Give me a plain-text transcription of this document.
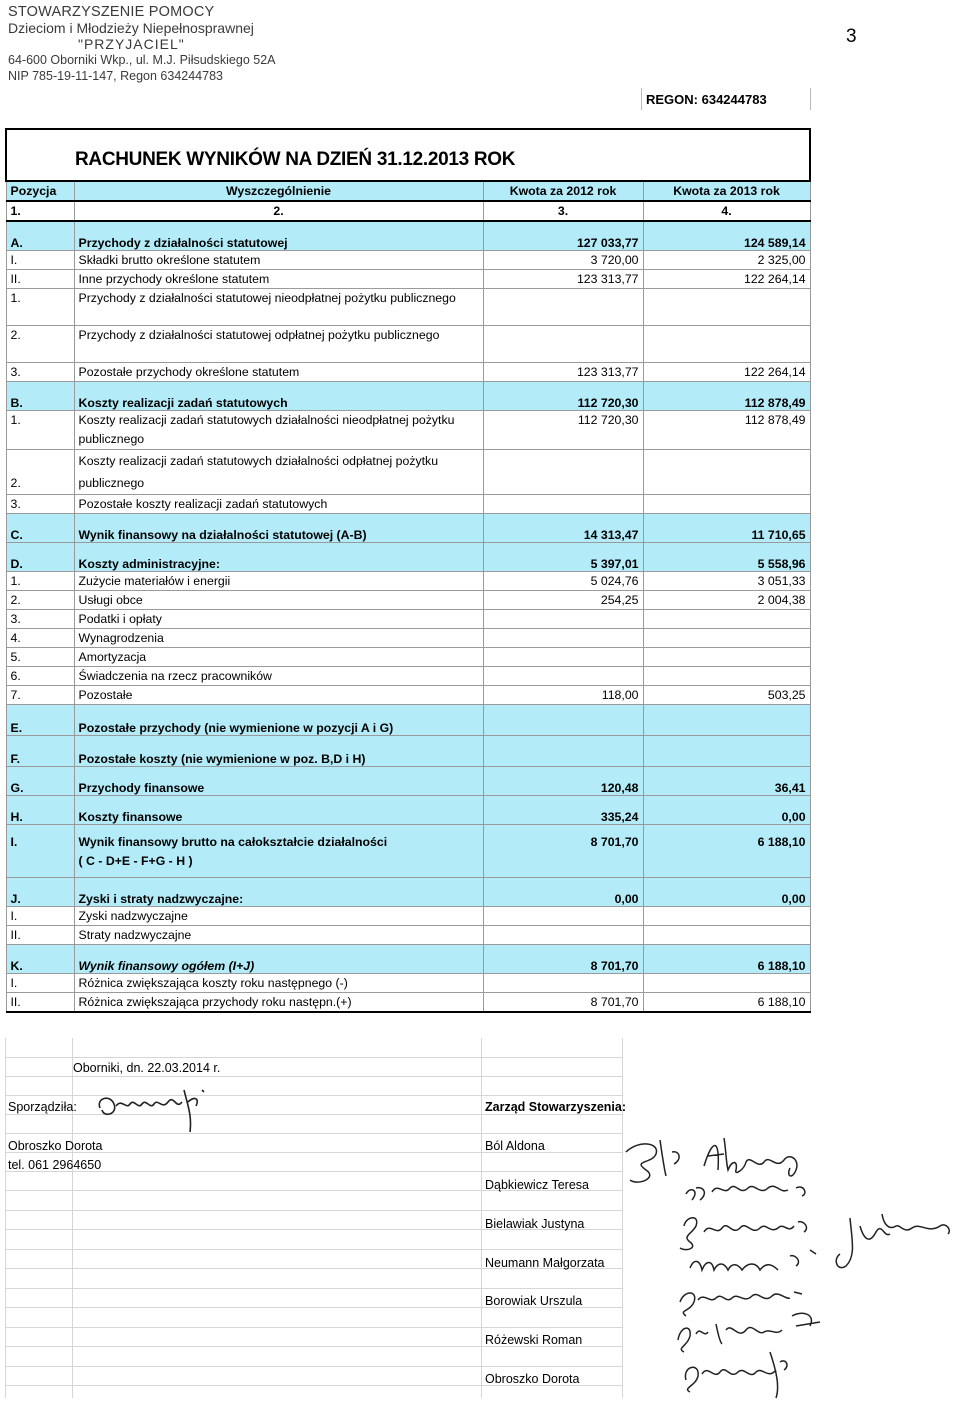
STOWARZYSZENIE POMOCY
Dzieciom i Młodzieży Niepełnosprawnej
"PRZYJACIEL"
64-600 Oborniki Wkp., ul. M.J. Piłsudskiego 52A
NIP 785-19-11-147, Regon 634244783
3
REGON: 634244783
RACHUNEK WYNIKÓW NA DZIEŃ 31.12.2013 ROK			
Pozycja	Wyszczególnienie	Kwota za 2012 rok	Kwota za 2013 rok
1.	2.	3.	4.
A.	Przychody z działalności statutowej	127 033,77	124 589,14
I.	Składki brutto określone statutem	3 720,00	2 325,00
II.	Inne przychody określone statutem	123 313,77	122 264,14
1.	Przychody z działalności statutowej nieodpłatnej pożytku publicznego		
2.	Przychody z działalności statutowej odpłatnej pożytku publicznego		
3.	Pozostałe przychody określone statutem	123 313,77	122 264,14
B.	Koszty realizacji zadań statutowych	112 720,30	112 878,49
1.	Koszty realizacji zadań statutowych działalności nieodpłatnej pożytku publicznego	112 720,30	112 878,49
2.	Koszty realizacji zadań statutowych działalności odpłatnej pożytku publicznego		
3.	Pozostałe koszty realizacji zadań statutowych		
C.	Wynik finansowy na działalności statutowej (A-B)	14 313,47	11 710,65
D.	Koszty administracyjne:	5 397,01	5 558,96
1.	Zużycie materiałów i energii	5 024,76	3 051,33
2.	Usługi obce	254,25	2 004,38
3.	Podatki i opłaty		
4.	Wynagrodzenia		
5.	Amortyzacja		
6.	Świadczenia na rzecz pracowników		
7.	Pozostałe	118,00	503,25
E.	Pozostałe przychody (nie wymienione w pozycji A i G)		
F.	Pozostałe koszty (nie wymienione w poz. B,D i H)		
G.	Przychody finansowe	120,48	36,41
H.	Koszty finansowe	335,24	0,00
I.	Wynik finansowy brutto na całokształcie działalności
( C - D+E - F+G - H )	8 701,70	6 188,10
J.	Zyski i straty nadzwyczajne:	0,00	0,00
I.	Zyski nadzwyczajne		
II.	Straty nadzwyczajne		
K.	Wynik finansowy ogółem (I+J)	8 701,70	6 188,10
I.	Różnica zwiększająca koszty roku następnego (-)		
II.	Różnica zwiększająca przychody roku następn.(+)	8 701,70	6 188,10
Oborniki, dn. 22.03.2014 r.
Sporządziła:	Zarząd Stowarzyszenia:
Obroszko Dorota
tel. 061 2964650
Ból Aldona
Dąbkiewicz Teresa
Bielawiak Justyna
Neumann Małgorzata
Borowiak Urszula
Różewski Roman
Obroszko Dorota
